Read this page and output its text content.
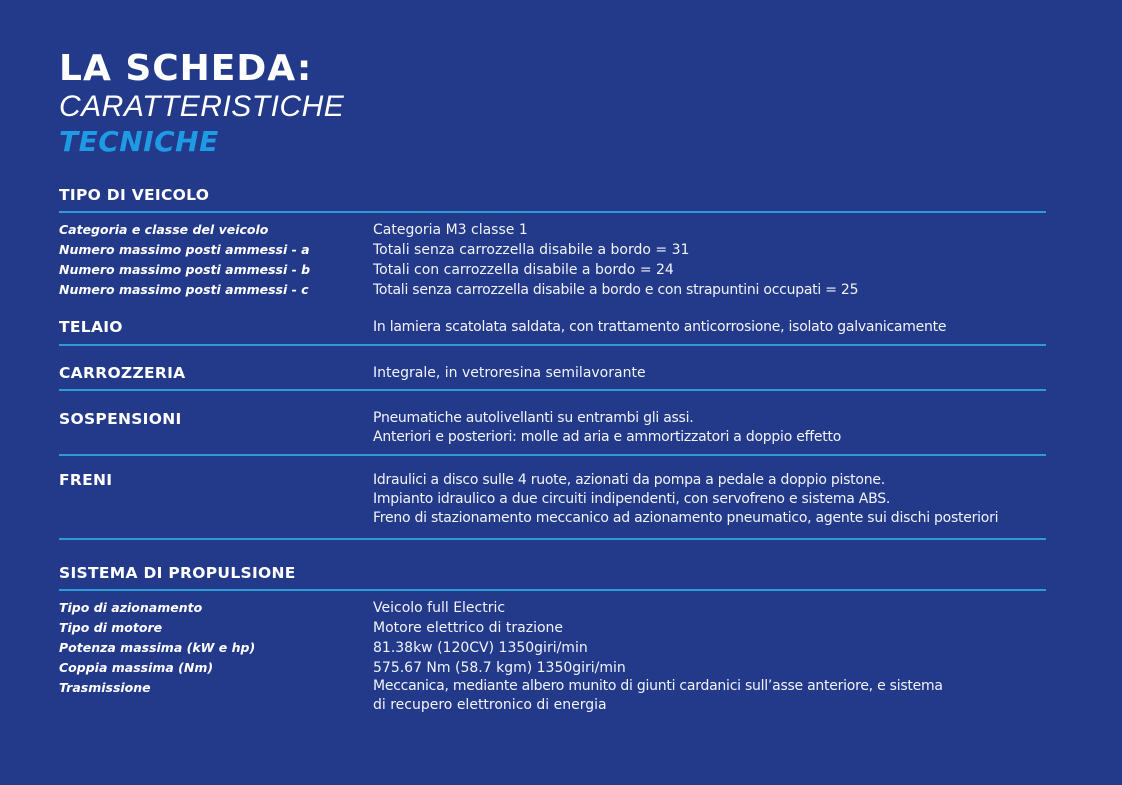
LA SCHEDA:
CARATTERISTICHE
TECNICHE
TIPO DI VEICOLO
Categoria e classe del veicolo	Categoria M3 classe 1
Numero massimo posti ammessi - a	Totali senza carrozzella disabile a bordo = 31
Numero massimo posti ammessi - b	Totali con carrozzella disabile a bordo = 24
Numero massimo posti ammessi - c	Totali senza carrozzella disabile a bordo e con strapuntini occupati = 25
TELAIO	In lamiera scatolata saldata, con trattamento anticorrosione, isolato galvanicamente
CARROZZERIA	Integrale, in vetroresina semilavorante
SOSPENSIONI	Pneumatiche autolivellanti su entrambi gli assi.
Anteriori e posteriori: molle ad aria e ammortizzatori a doppio effetto
FRENI	Idraulici a disco sulle 4 ruote, azionati da pompa a pedale a doppio pistone.
Impianto idraulico a due circuiti indipendenti, con servofreno e sistema ABS.
Freno di stazionamento meccanico ad azionamento pneumatico, agente sui dischi posteriori
SISTEMA DI PROPULSIONE
Tipo di azionamento	Veicolo full Electric
Tipo di motore	Motore elettrico di trazione
Potenza massima (kW e hp)	81.38kw (120CV) 1350giri/min
Coppia massima (Nm)	575.67 Nm (58.7 kgm) 1350giri/min
Trasmissione	Meccanica, mediante albero munito di giunti cardanici sull’asse anteriore, e sistema
di recupero elettronico di energia
